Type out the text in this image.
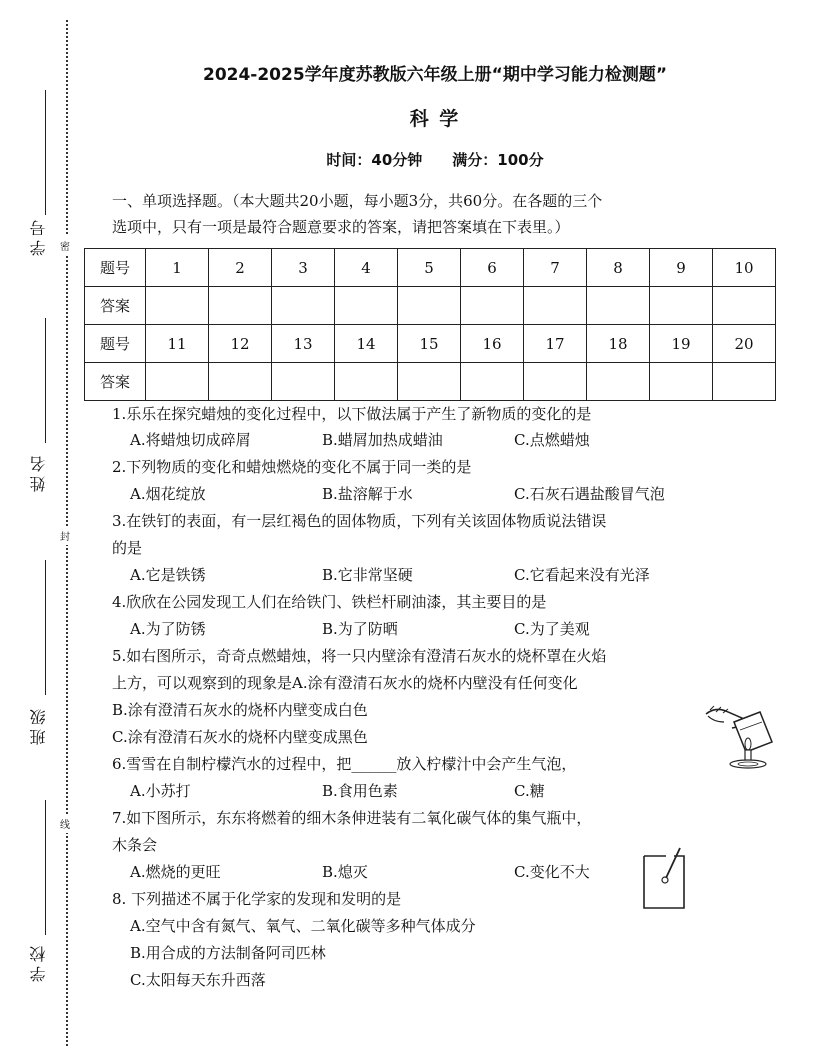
学号
姓名
班级
学校
密
封
线
2024-2025学年度苏教版六年级上册“期中学习能力检测题”
科 学
时间：40分钟 满分：100分
一、单项选择题。（本大题共20小题，每小题3分，共60分。在各题的三个
选项中，只有一项是最符合题意要求的答案，请把答案填在下表里。）
题号	1	2	3	4	5	6	7	8	9	10
答案										
题号	11	12	13	14	15	16	17	18	19	20
答案										
1.乐乐在探究蜡烛的变化过程中，以下做法属于产生了新物质的变化的是
A.将蜡烛切成碎屑	B.蜡屑加热成蜡油	C.点燃蜡烛
2.下列物质的变化和蜡烛燃烧的变化不属于同一类的是
A.烟花绽放	B.盐溶解于水	C.石灰石遇盐酸冒气泡
3.在铁钉的表面，有一层红褐色的固体物质，下列有关该固体物质说法错误
的是
A.它是铁锈	B.它非常坚硬	C.它看起来没有光泽
4.欣欣在公园发现工人们在给铁门、铁栏杆刷油漆，其主要目的是
A.为了防锈	B.为了防晒	C.为了美观
5.如右图所示，奇奇点燃蜡烛，将一只内壁涂有澄清石灰水的烧杯罩在火焰
上方，可以观察到的现象是A.涂有澄清石灰水的烧杯内壁没有任何变化
B.涂有澄清石灰水的烧杯内壁变成白色
C.涂有澄清石灰水的烧杯内壁变成黑色
6.雪雪在自制柠檬汽水的过程中，把______放入柠檬汁中会产生气泡，
A.小苏打	B.食用色素	C.糖
7.如下图所示，东东将燃着的细木条伸进装有二氧化碳气体的集气瓶中，
木条会
A.燃烧的更旺	B.熄灭	C.变化不大
8. 下列描述不属于化学家的发现和发明的是
A.空气中含有氮气、氧气、二氧化碳等多种气体成分
B.用合成的方法制备阿司匹林
C.太阳每天东升西落
